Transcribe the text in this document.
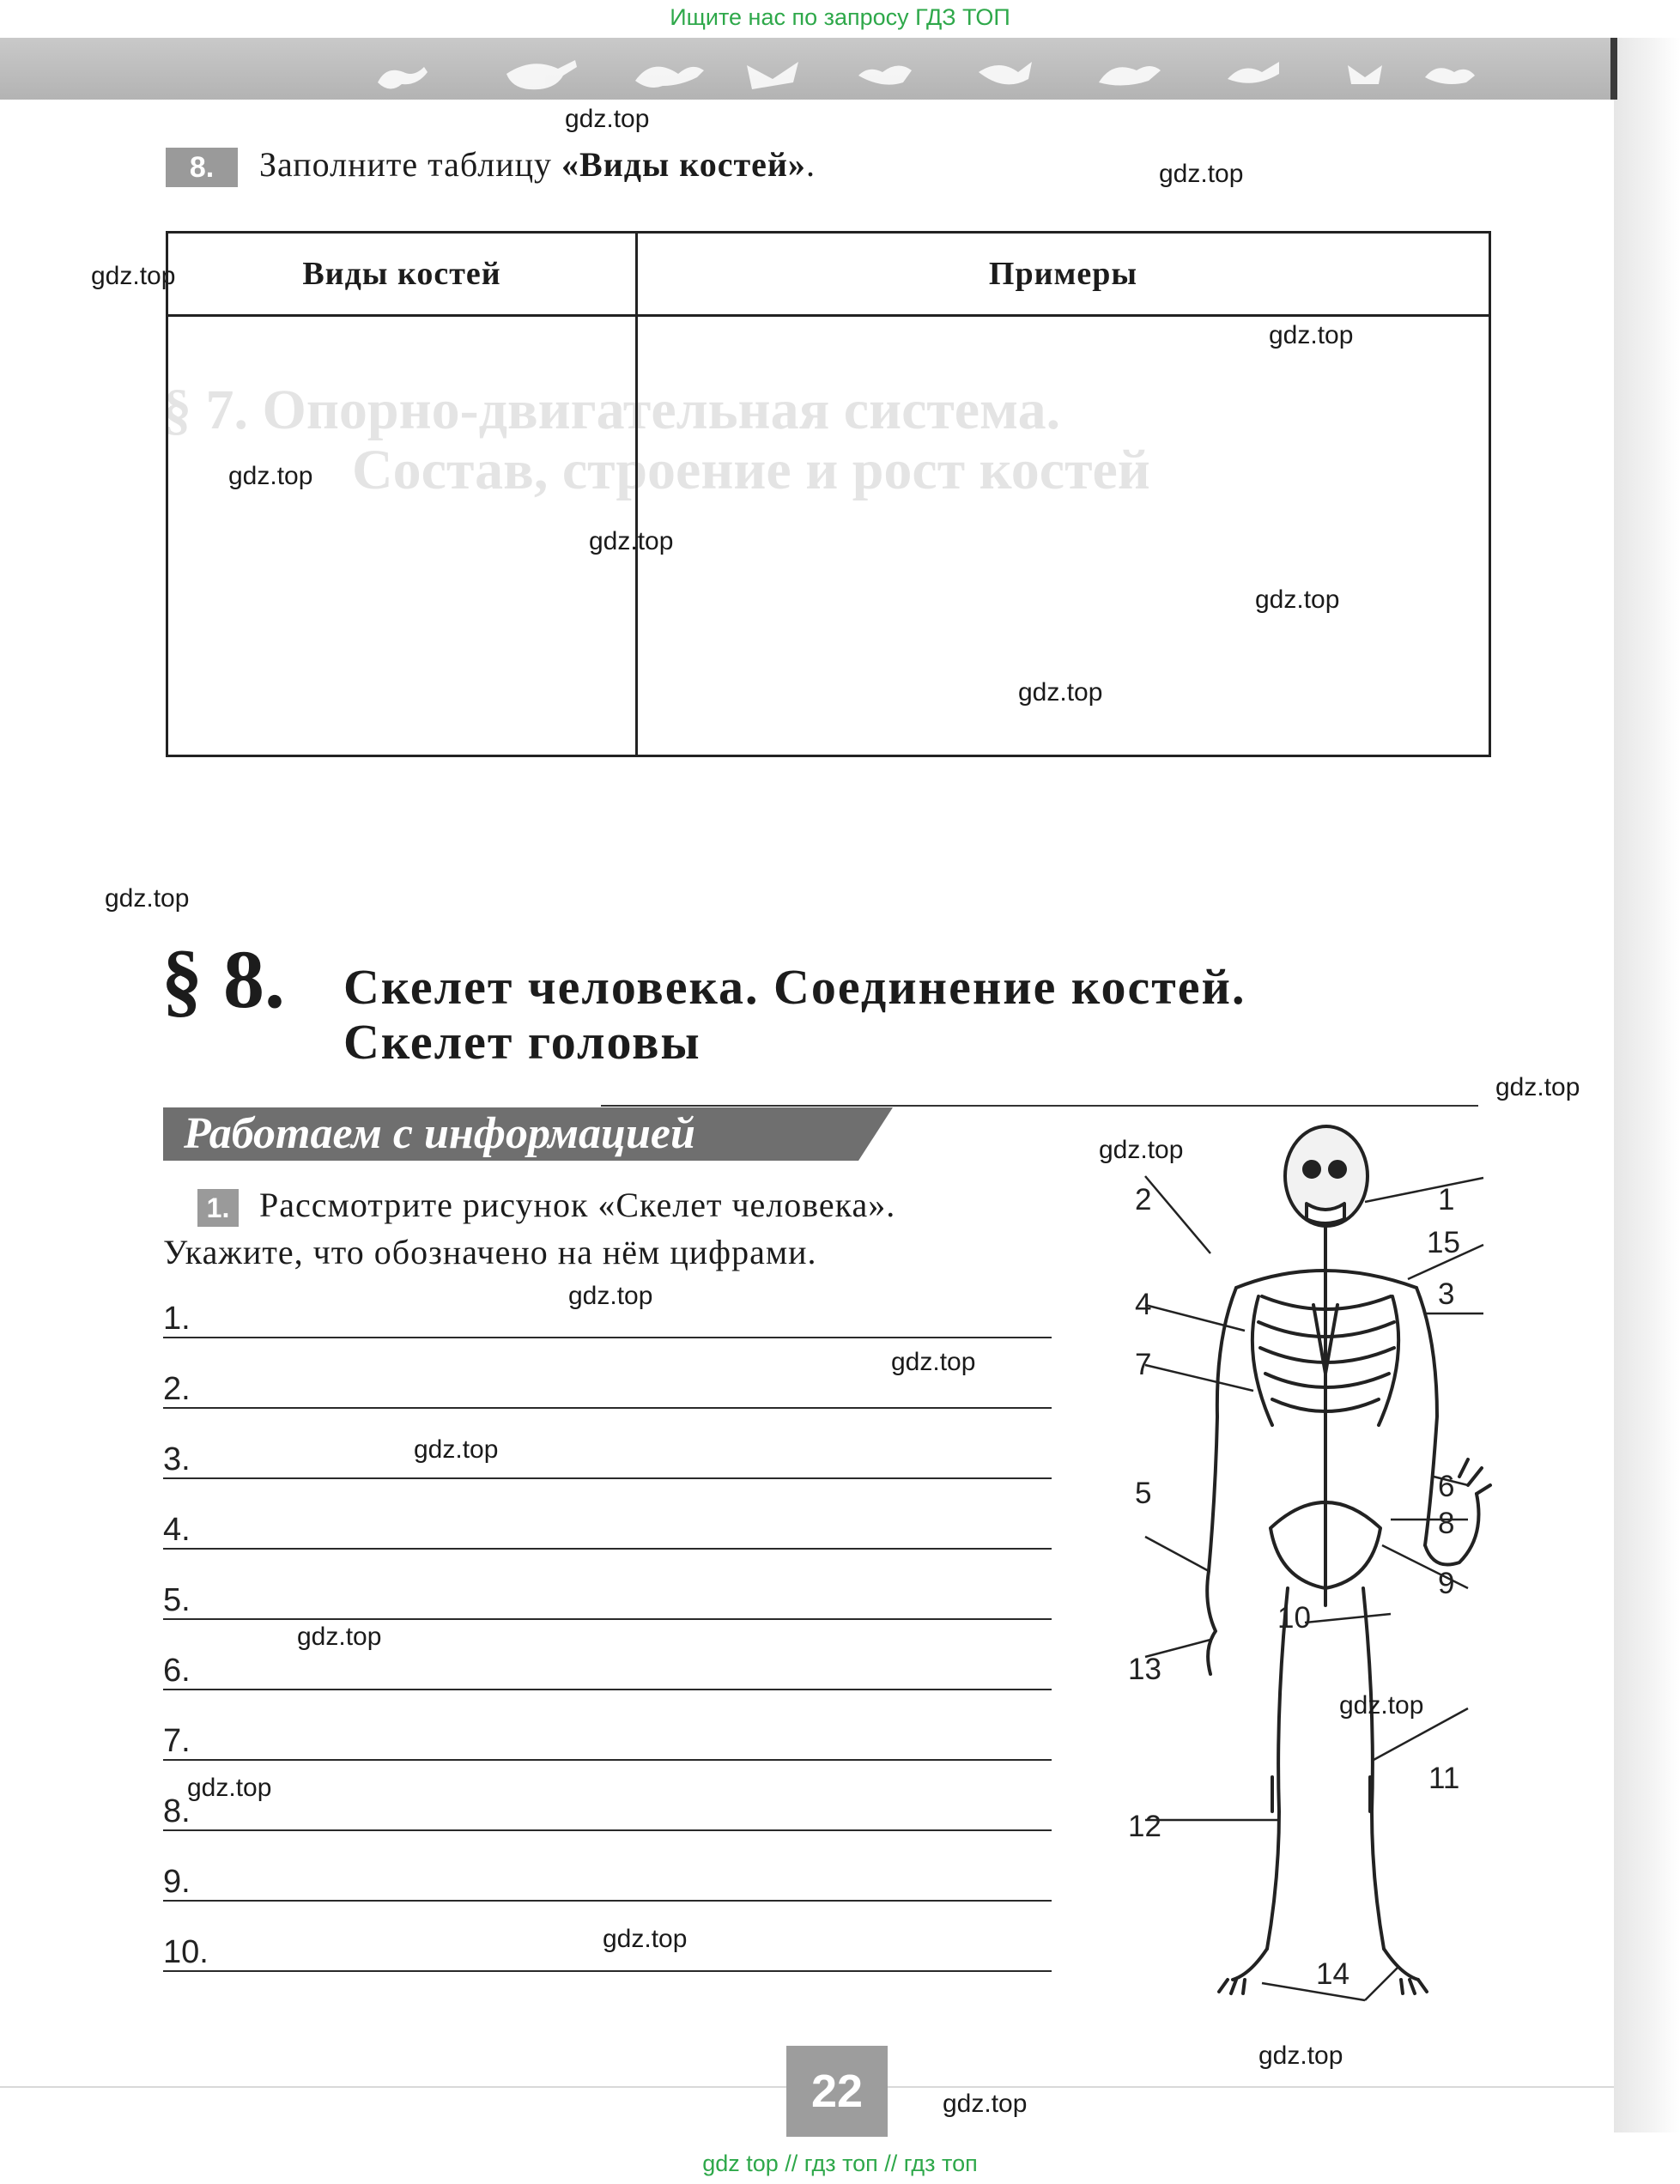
Ищите нас по запросу ГДЗ ТОП
§ 7. Опорно-двигательная система.
Состав, строение и рост костей
8.	Заполните таблицу «Виды костей».
Виды костей	Примеры

§ 8. Скелет человека. Соединение костей.
Скелет головы
Работаем с информацией
1. Рассмотрите рисунок «Скелет человека».
Укажите, что обозначено на нём цифрами.
1.
2.
3.
4.
5.
6.
7.
8.
9.
10.
1
2
3
4
5	6
7
8
9
10
11
12
13
14
15
gdz.top
gdz.top
gdz.top
gdz.top
gdz.top
gdz.top
gdz.top
gdz.top
gdz.top
gdz.top
gdz.top
gdz.top
gdz.top
gdz.top
gdz.top
gdz.top
gdz.top
gdz.top
gdz.top
gdz.top
22
gdz top // гдз топ // гдз топ
